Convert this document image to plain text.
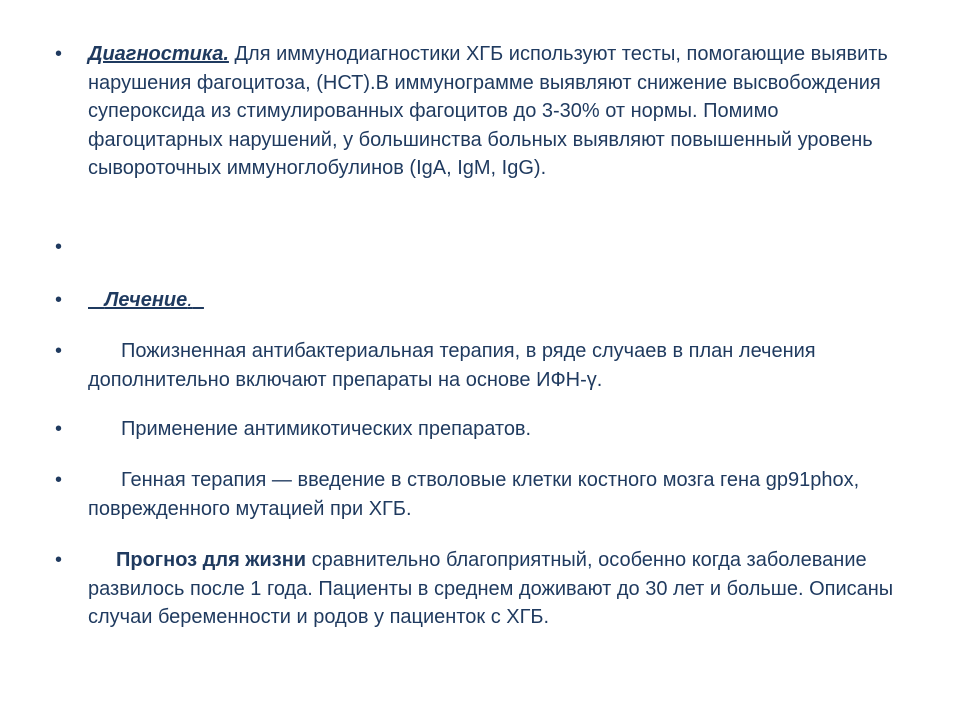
• Диагностика. Для иммунодиагностики ХГБ используют тесты, помогающие выявить нарушения фагоцитоза, (НСТ).В иммунограмме выявляют снижение высвобождения супероксида из стимулированных фагоцитов до 3-30% от нормы. Помимо фагоцитарных нарушений, у большинства больных выявляют повышенный уровень сывороточных иммуноглобулинов (IgA, IgM, IgG).
•
•	Лечение.
•	Пожизненная антибактериальная терапия, в ряде случаев в план лечения дополнительно включают препараты на основе ИФН-γ.
•	Применение антимикотических препаратов.
•	Генная терапия — введение в стволовые клетки костного мозга гена gp91phox, поврежденного мутацией при ХГБ.
•	Прогноз для жизни сравнительно благоприятный, особенно когда заболевание развилось после 1 года. Пациенты в среднем доживают до 30 лет и больше. Описаны случаи беременности и родов у пациенток с ХГБ.
